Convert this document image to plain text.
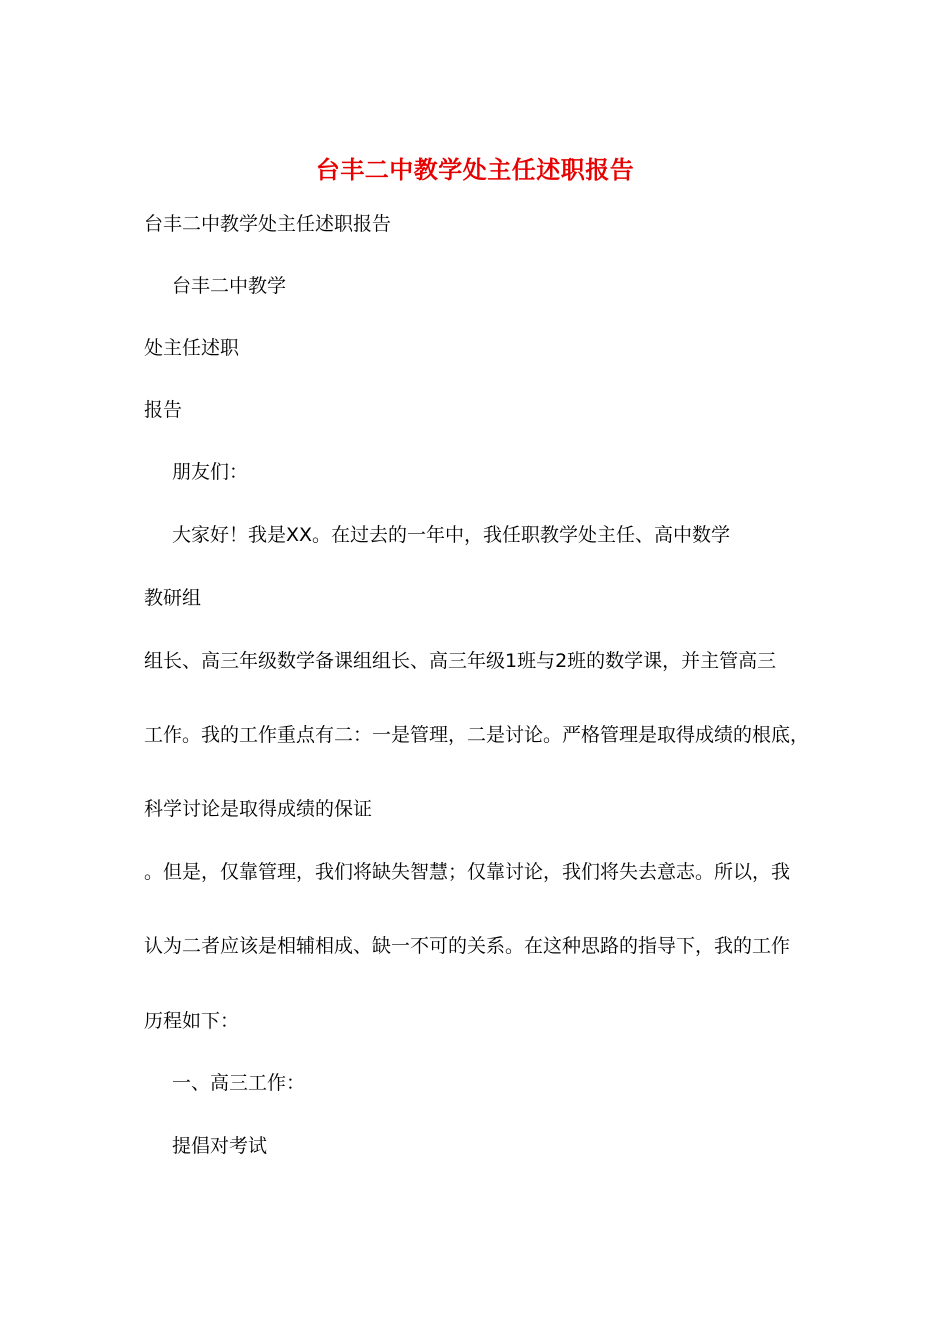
台丰二中教学处主任述职报告
台丰二中教学处主任述职报告
台丰二中教学
处主任述职
报告
朋友们：
大家好！我是XX。在过去的一年中，我任职教学处主任、高中数学
教研组
组长、高三年级数学备课组组长、高三年级1班与2班的数学课，并主管高三
工作。我的工作重点有二：一是管理，二是讨论。严格管理是取得成绩的根底，
科学讨论是取得成绩的保证
。但是，仅靠管理，我们将缺失智慧；仅靠讨论，我们将失去意志。所以，我
认为二者应该是相辅相成、缺一不可的关系。在这种思路的指导下，我的工作
历程如下：
一、高三工作：
提倡对考试
